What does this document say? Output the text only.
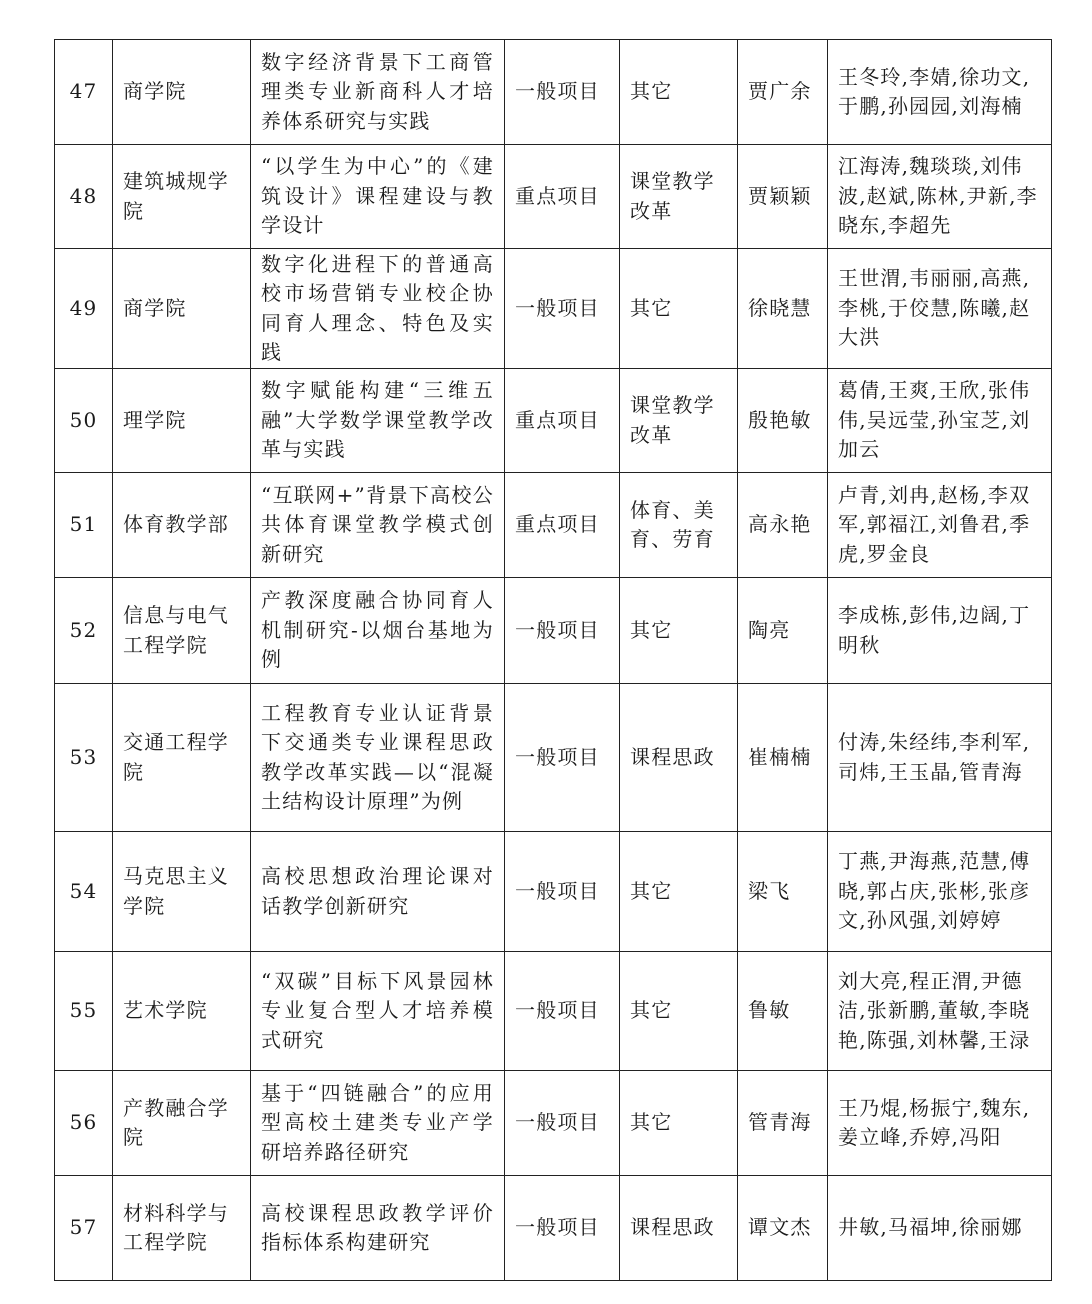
47	商学院	数字经济背景下工商管理类专业新商科人才培养体系研究与实践	一般项目	其它	贾广余	王冬玲,李婧,徐功文,于鹏,孙园园,刘海楠
48	建筑城规学院	“以学生为中心”的《建筑设计》课程建设与教学设计	重点项目	课堂教学改革	贾颖颖	江海涛,魏琰琰,刘伟波,赵斌,陈林,尹新,李晓东,李超先
49	商学院	数字化进程下的普通高校市场营销专业校企协同育人理念、特色及实践	一般项目	其它	徐晓慧	王世渭,韦丽丽,高燕,李桃,于佼慧,陈曦,赵大洪
50	理学院	数字赋能构建“三维五融”大学数学课堂教学改革与实践	重点项目	课堂教学改革	殷艳敏	葛倩,王爽,王欣,张伟伟,吴远莹,孙宝芝,刘加云
51	体育教学部	“互联网+”背景下高校公共体育课堂教学模式创新研究	重点项目	体育、美育、劳育	高永艳	卢青,刘冉,赵杨,李双军,郭福江,刘鲁君,季虎,罗金良
52	信息与电气工程学院	产教深度融合协同育人机制研究-以烟台基地为例	一般项目	其它	陶亮	李成栋,彭伟,边阔,丁明秋
53	交通工程学院	工程教育专业认证背景下交通类专业课程思政教学改革实践—以“混凝土结构设计原理”为例	一般项目	课程思政	崔楠楠	付涛,朱经纬,李利军,司炜,王玉晶,管青海
54	马克思主义学院	高校思想政治理论课对话教学创新研究	一般项目	其它	梁飞	丁燕,尹海燕,范慧,傅晓,郭占庆,张彬,张彦文,孙风强,刘婷婷
55	艺术学院	“双碳”目标下风景园林专业复合型人才培养模式研究	一般项目	其它	鲁敏	刘大亮,程正渭,尹德洁,张新鹏,董敏,李晓艳,陈强,刘林馨,王渌
56	产教融合学院	基于“四链融合”的应用型高校土建类专业产学研培养路径研究	一般项目	其它	管青海	王乃焜,杨振宁,魏东,姜立峰,乔婷,冯阳
57	材料科学与工程学院	高校课程思政教学评价指标体系构建研究	一般项目	课程思政	谭文杰	井敏,马福坤,徐丽娜
